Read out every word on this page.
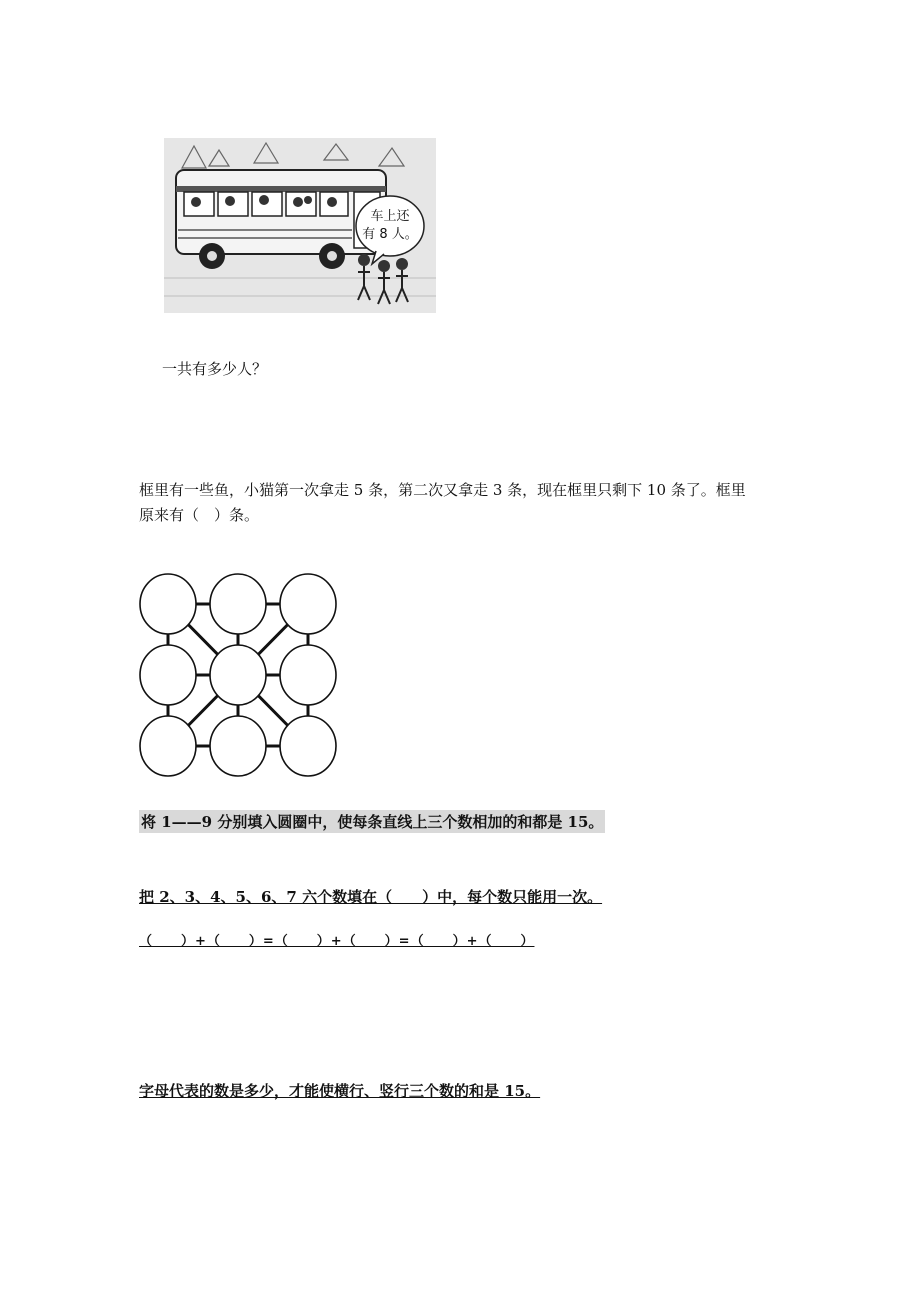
车上还
有 8 人。
一共有多少人？
框里有一些鱼，小猫第一次拿走 5 条，第二次又拿走 3 条，现在框里只剩下 10 条了。框里
原来有（　）条。
将 1——9 分别填入圆圈中，使每条直线上三个数相加的和都是 15。
把 2、3、4、5、6、7 六个数填在（　　）中，每个数只能用一次。
（　　）+（　　）=（　　）+（　　）=（　　）+（　　）
字母代表的数是多少，才能使横行、竖行三个数的和是 15。
